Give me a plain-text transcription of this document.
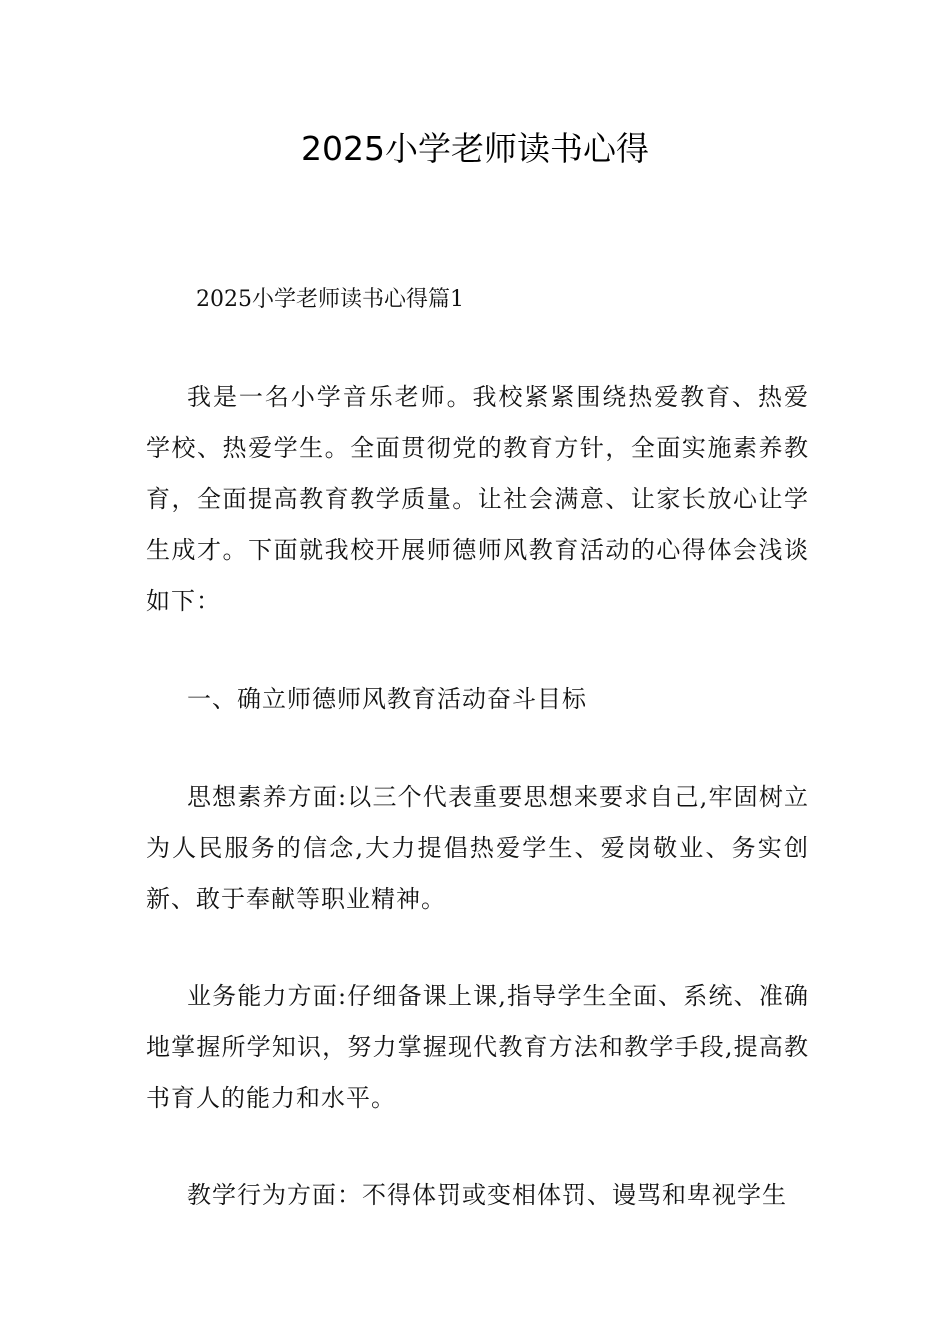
2025小学老师读书心得

2025小学老师读书心得篇1

我是一名小学音乐老师。我校紧紧围绕热爱教育、热爱学校、热爱学生。全面贯彻党的教育方针，全面实施素养教育，全面提高教育教学质量。让社会满意、让家长放心让学生成才。下面就我校开展师德师风教育活动的心得体会浅谈如下：

一、确立师德师风教育活动奋斗目标

思想素养方面:以三个代表重要思想来要求自己,牢固树立为人民服务的信念,大力提倡热爱学生、爱岗敬业、务实创新、敢于奉献等职业精神。

业务能力方面:仔细备课上课,指导学生全面、系统、准确地掌握所学知识，努力掌握现代教育方法和教学手段,提高教书育人的能力和水平。

教学行为方面：不得体罚或变相体罚、谩骂和卑视学生
